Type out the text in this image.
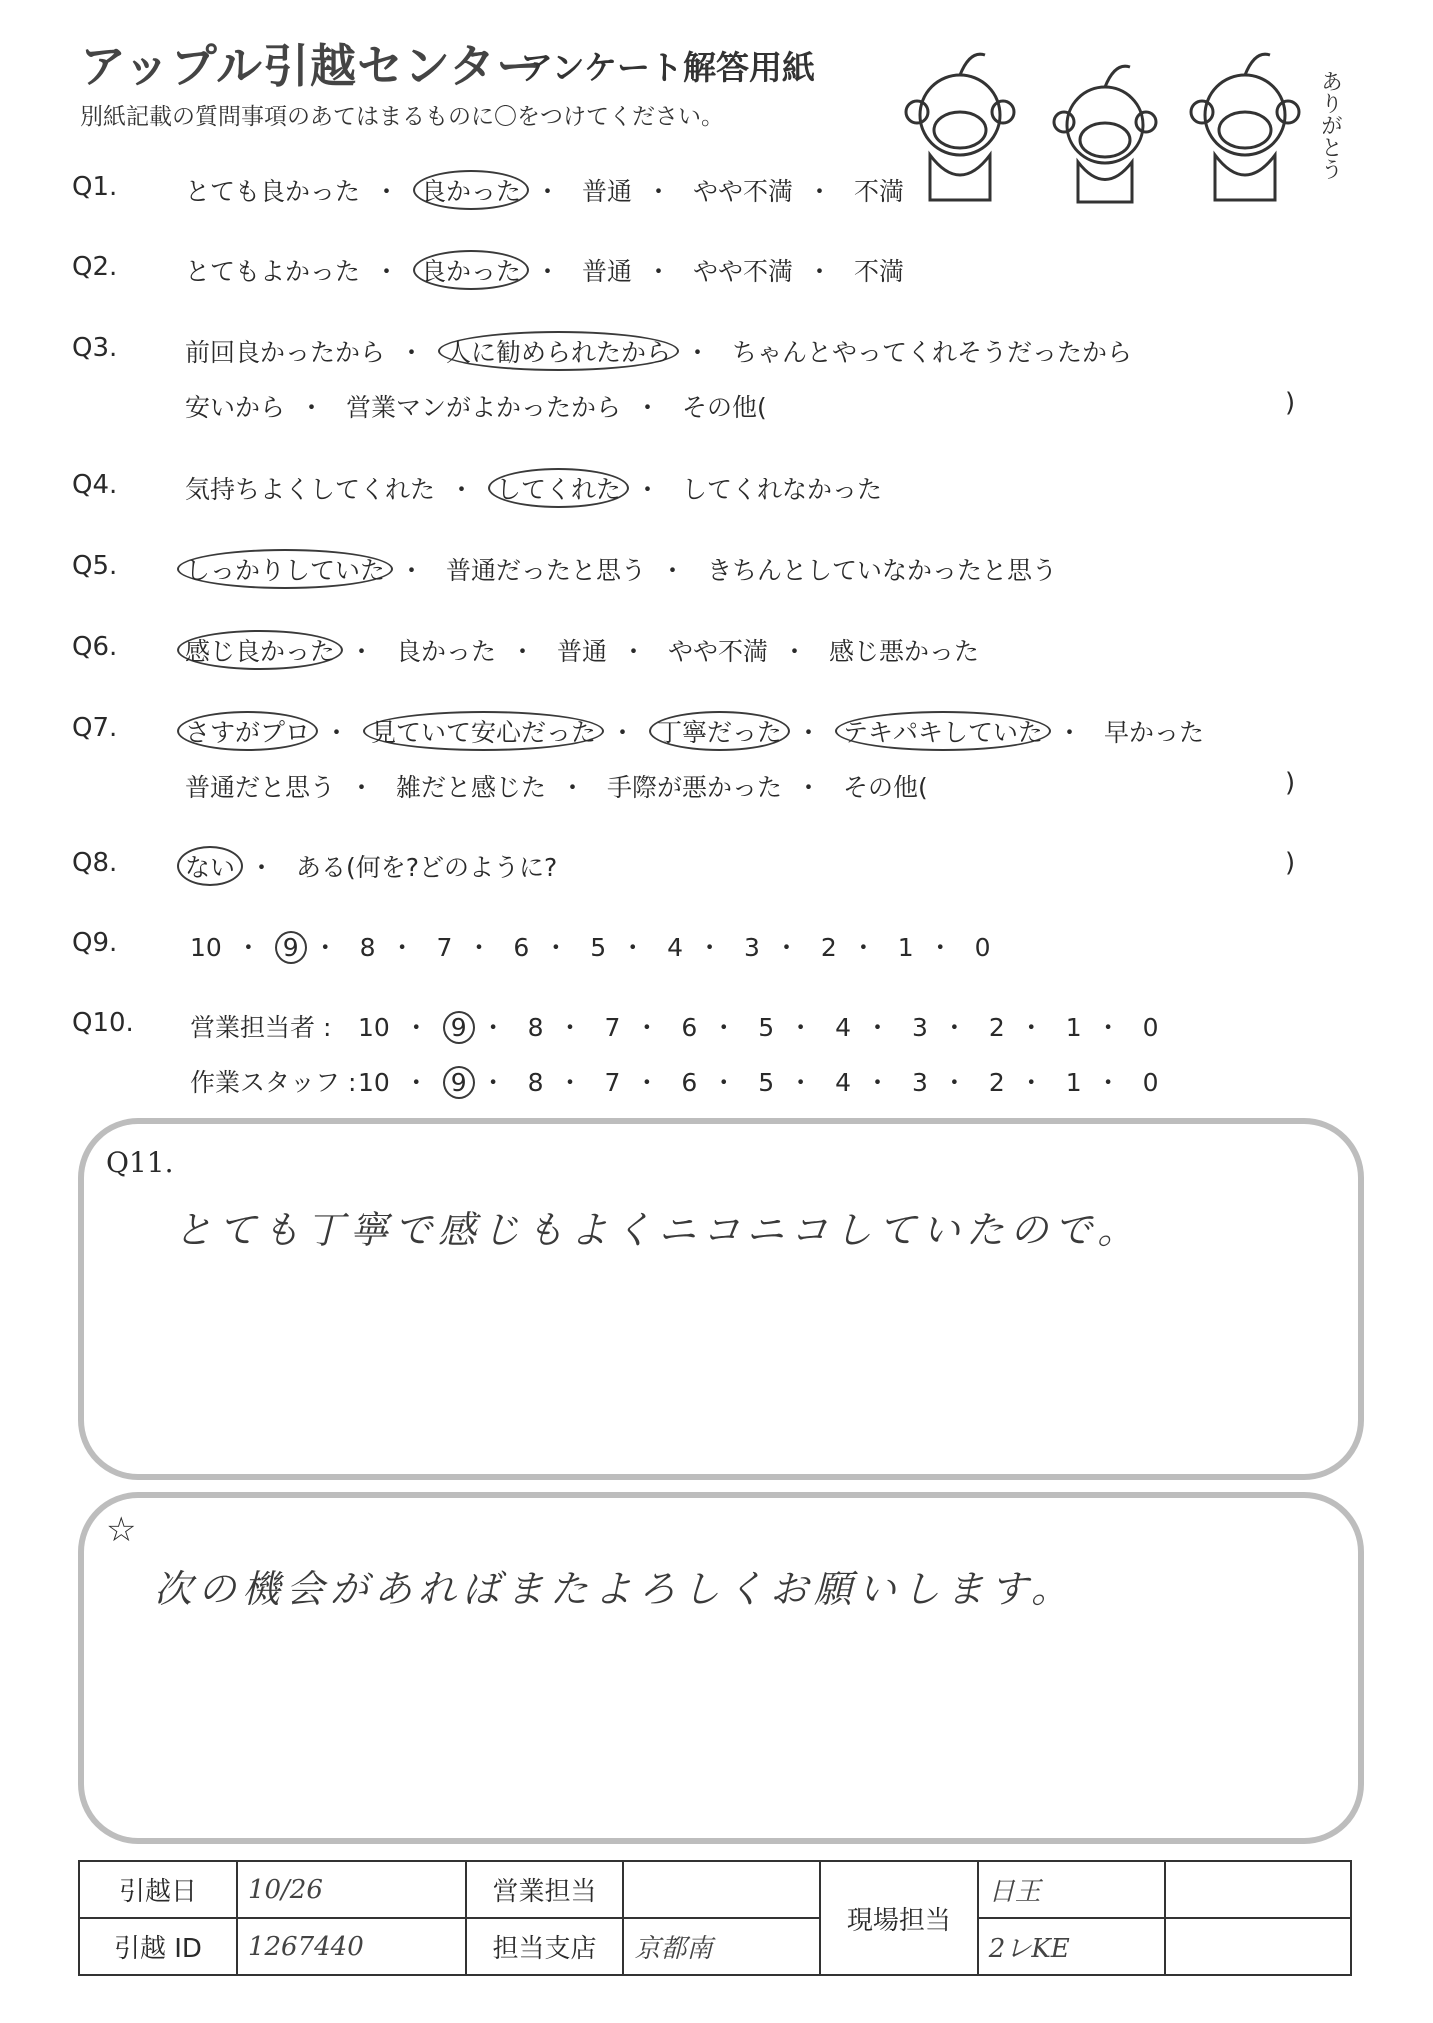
アップル引越センター
アンケート解答用紙
別紙記載の質問事項のあてはまるものに〇をつけてください。	ありがとう
Q1.	とても良かった ・ 良かった ・ 普通 ・ やや不満 ・ 不満
Q2.	とてもよかった ・ 良かった ・ 普通 ・ やや不満 ・ 不満
Q3.	前回良かったから ・ 人に勧められたから ・ ちゃんとやってくれそうだったから
安いから ・ 営業マンがよかったから ・ その他(	)
Q4.	気持ちよくしてくれた ・ してくれた ・ してくれなかった
Q5.	しっかりしていた ・ 普通だったと思う ・ きちんとしていなかったと思う
Q6.	感じ良かった ・ 良かった ・ 普通 ・ やや不満 ・ 感じ悪かった
Q7.	さすがプロ ・ 見ていて安心だった ・ 丁寧だった ・ テキパキしていた ・ 早かった
普通だと思う ・ 雑だと感じた ・ 手際が悪かった ・ その他(	)
Q8.	ない ・ ある(何を?どのように?	)
Q9.	10 ・ 9 ・ 8 ・ 7 ・ 6 ・ 5 ・ 4 ・ 3 ・ 2 ・ 1 ・ 0
Q10. 営業担当者 : 10 ・ 9 ・ 8 ・ 7 ・ 6 ・ 5 ・ 4 ・ 3 ・ 2 ・ 1 ・ 0
作業スタッフ : 10 ・ 9 ・ 8 ・ 7 ・ 6 ・ 5 ・ 4 ・ 3 ・ 2 ・ 1 ・ 0
Q11.
とても丁寧で感じもよくニコニコしていたので。
☆
次の機会があればまたよろしくお願いします。
引越日	10/26	営業担当		現場担当	日王	
引越 ID	1267440	担当支店	京都南		2レKE	
